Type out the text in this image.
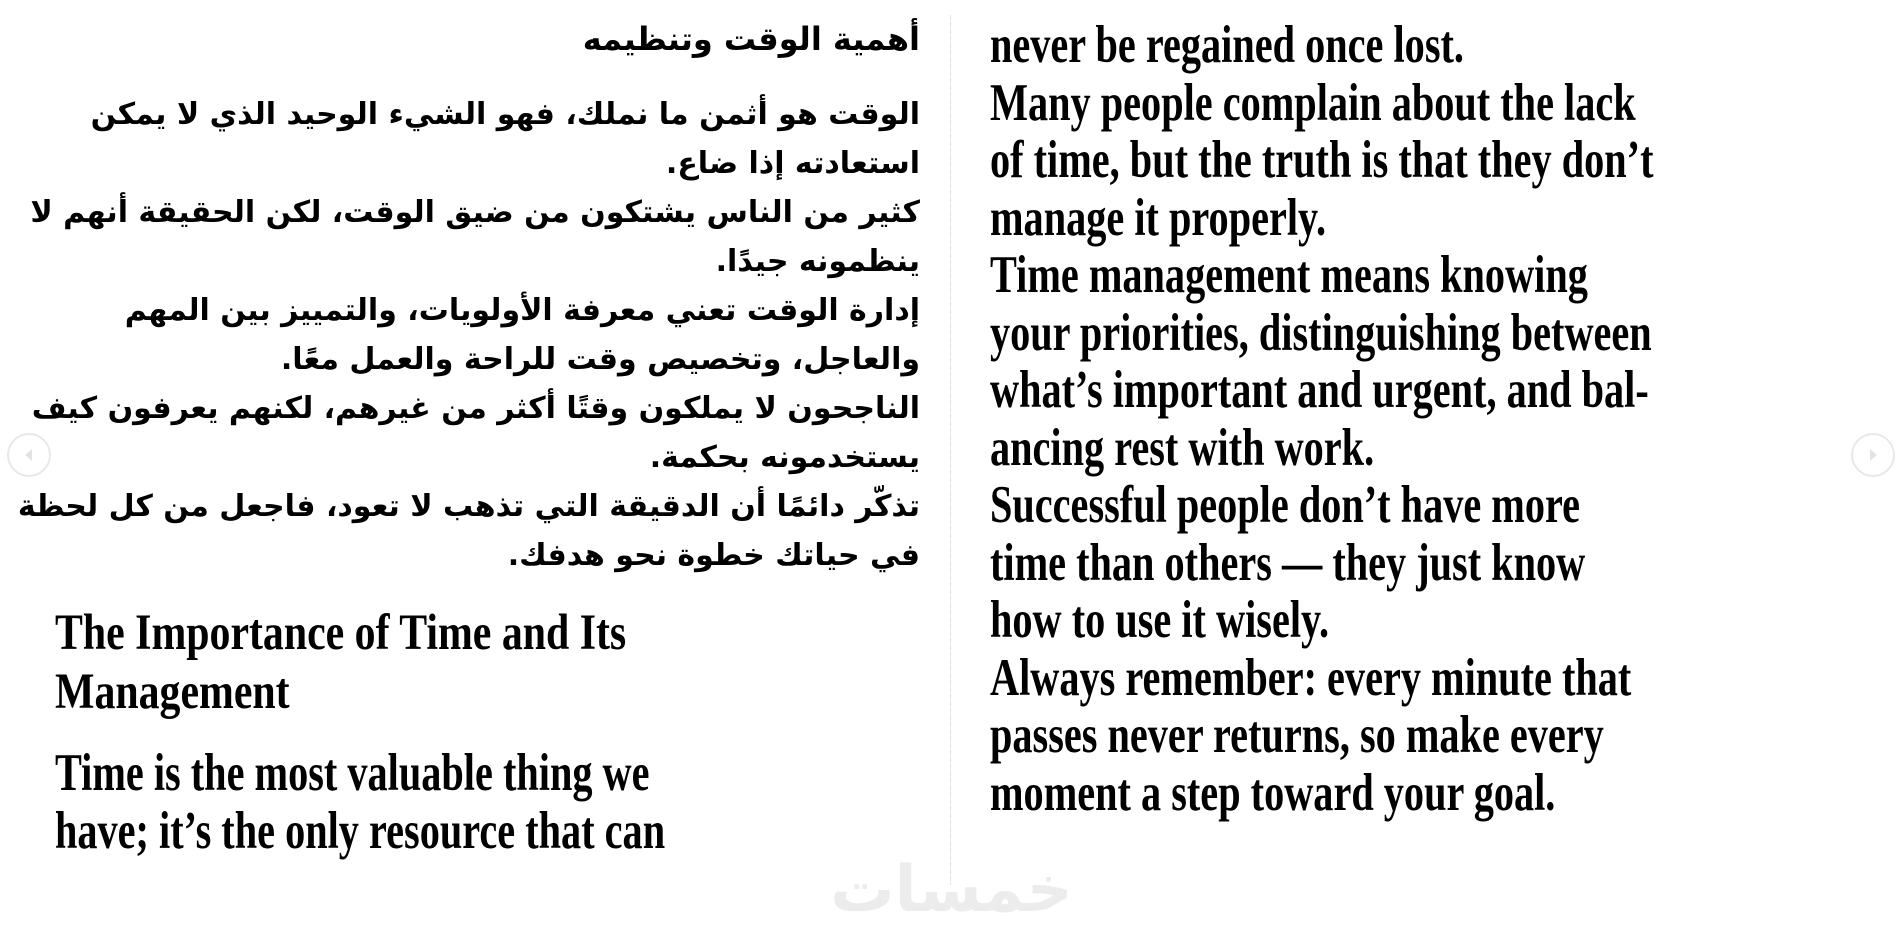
أهمية الوقت وتنظيمه
الوقت هو أثمن ما نملك، فهو الشيء الوحيد الذي لا يمكن
استعادته إذا ضاع.
كثير من الناس يشتكون من ضيق الوقت، لكن الحقيقة أنهم لا
ينظمونه جيدًا.
إدارة الوقت تعني معرفة الأولويات، والتمييز بين المهم
والعاجل، وتخصيص وقت للراحة والعمل معًا.
الناجحون لا يملكون وقتًا أكثر من غيرهم، لكنهم يعرفون كيف
يستخدمونه بحكمة.
تذكّر دائمًا أن الدقيقة التي تذهب لا تعود، فاجعل من كل لحظة
في حياتك خطوة نحو هدفك.
The Importance of Time and Its
Management
Time is the most valuable thing we
have; it’s the only resource that can
never be regained once lost.
Many people complain about the lack
of time, but the truth is that they don’t
manage it properly.
Time management means knowing
your priorities, distinguishing between
what’s important and urgent, and bal-
ancing rest with work.
Successful people don’t have more
time than others — they just know
how to use it wisely.
Always remember: every minute that
passes never returns, so make every
moment a step toward your goal.
خمسات
